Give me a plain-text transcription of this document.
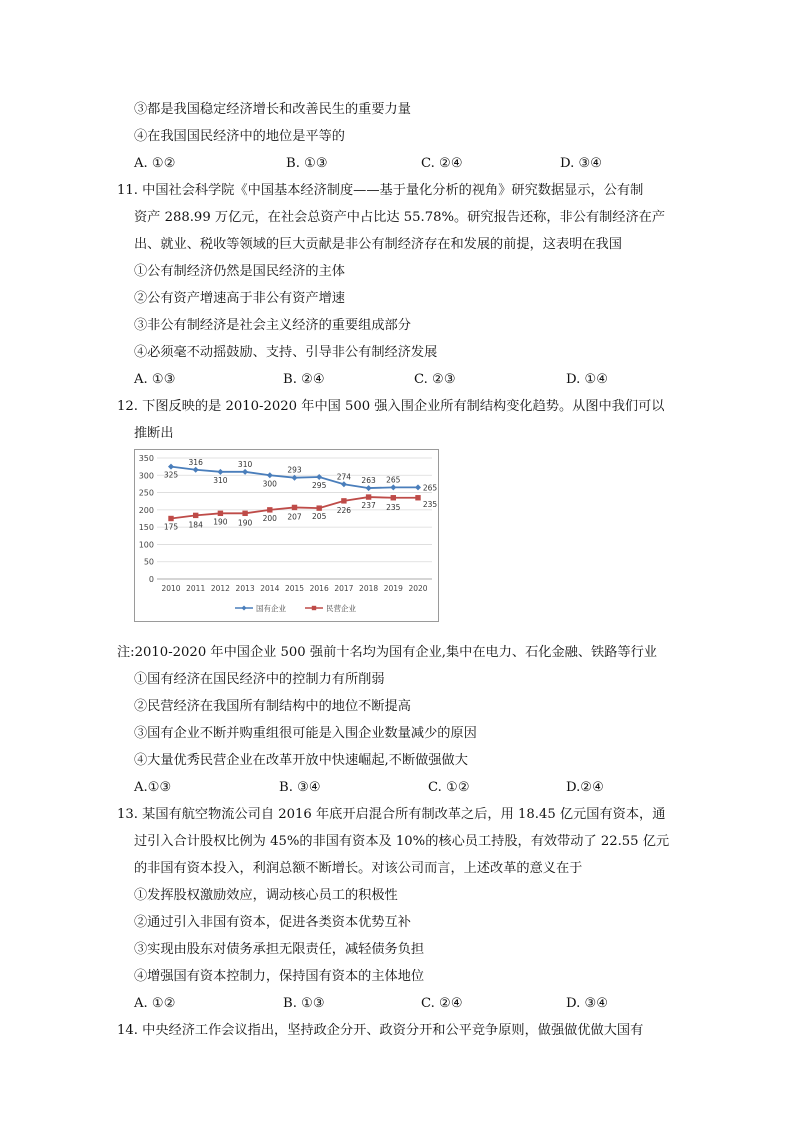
③都是我国稳定经济增长和改善民生的重要力量
④在我国国民经济中的地位是平等的
A. ①②	B. ①③	C. ②④	D. ③④
11. 中国社会科学院《中国基本经济制度——基于量化分析的视角》研究数据显示，公有制
资产 288.99 万亿元，在社会总资产中占比达 55.78%。研究报告还称，非公有制经济在产
出、就业、税收等领域的巨大贡献是非公有制经济存在和发展的前提，这表明在我国
①公有制经济仍然是国民经济的主体
②公有资产增速高于非公有资产增速
③非公有制经济是社会主义经济的重要组成部分
④必须毫不动摇鼓励、支持、引导非公有制经济发展
A. ①③	B. ②④	C. ②③	D. ①④
12. 下图反映的是 2010-2020 年中国 500 强入围企业所有制结构变化趋势。从图中我们可以
推断出
0
50
100
150
200
250
300
350
2010 2011 2012 2013 2014 2015 2016 2017 2018 2019 2020
325
316
310
310
300
293
295
274 263 265
265
175 184 190 190 200 207 205
226
237 235	235
国有企业	民营企业
注:2010-2020 年中国企业 500 强前十名均为国有企业,集中在电力、石化金融、铁路等行业
①国有经济在国民经济中的控制力有所削弱
②民营经济在我国所有制结构中的地位不断提高
③国有企业不断并购重组很可能是入围企业数量减少的原因
④大量优秀民营企业在改革开放中快速崛起,不断做强做大
A.①③	B. ③④	C. ①②	D.②④
13. 某国有航空物流公司自 2016 年底开启混合所有制改革之后，用 18.45 亿元国有资本，通
过引入合计股权比例为 45%的非国有资本及 10%的核心员工持股，有效带动了 22.55 亿元
的非国有资本投入，利润总额不断增长。对该公司而言，上述改革的意义在于
①发挥股权激励效应，调动核心员工的积极性
②通过引入非国有资本，促进各类资本优势互补
③实现由股东对债务承担无限责任，减轻债务负担
④增强国有资本控制力，保持国有资本的主体地位
A. ①②	B. ①③	C. ②④	D. ③④
14. 中央经济工作会议指出，坚持政企分开、政资分开和公平竞争原则，做强做优做大国有
